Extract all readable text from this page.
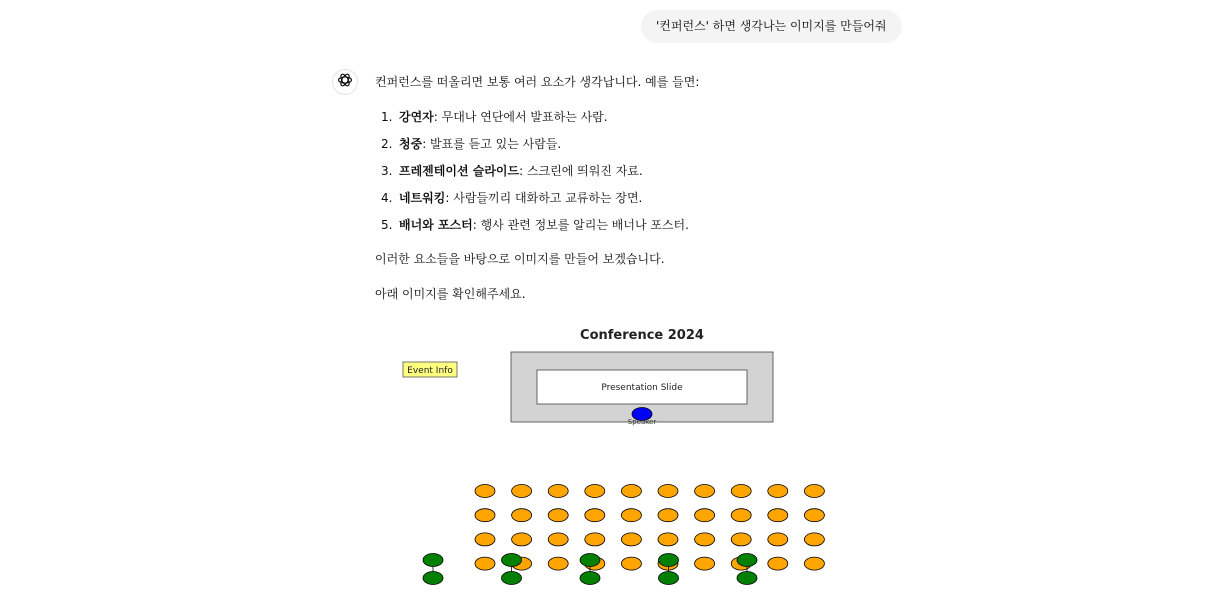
'컨퍼런스' 하면 생각나는 이미지를 만들어줘

컨퍼런스를 떠올리면 보통 여러 요소가 생각납니다. 예를 들면:

1. 강연자: 무대나 연단에서 발표하는 사람.
2. 청중: 발표를 듣고 있는 사람들.
3. 프레젠테이션 슬라이드: 스크린에 띄워진 자료.
4. 네트워킹: 사람들끼리 대화하고 교류하는 장면.
5. 배너와 포스터: 행사 관련 정보를 알리는 배너나 포스터.

이러한 요소들을 바탕으로 이미지를 만들어 보겠습니다.

아래 이미지를 확인해주세요.

Conference 2024
Event Info
Presentation Slide
Speaker
